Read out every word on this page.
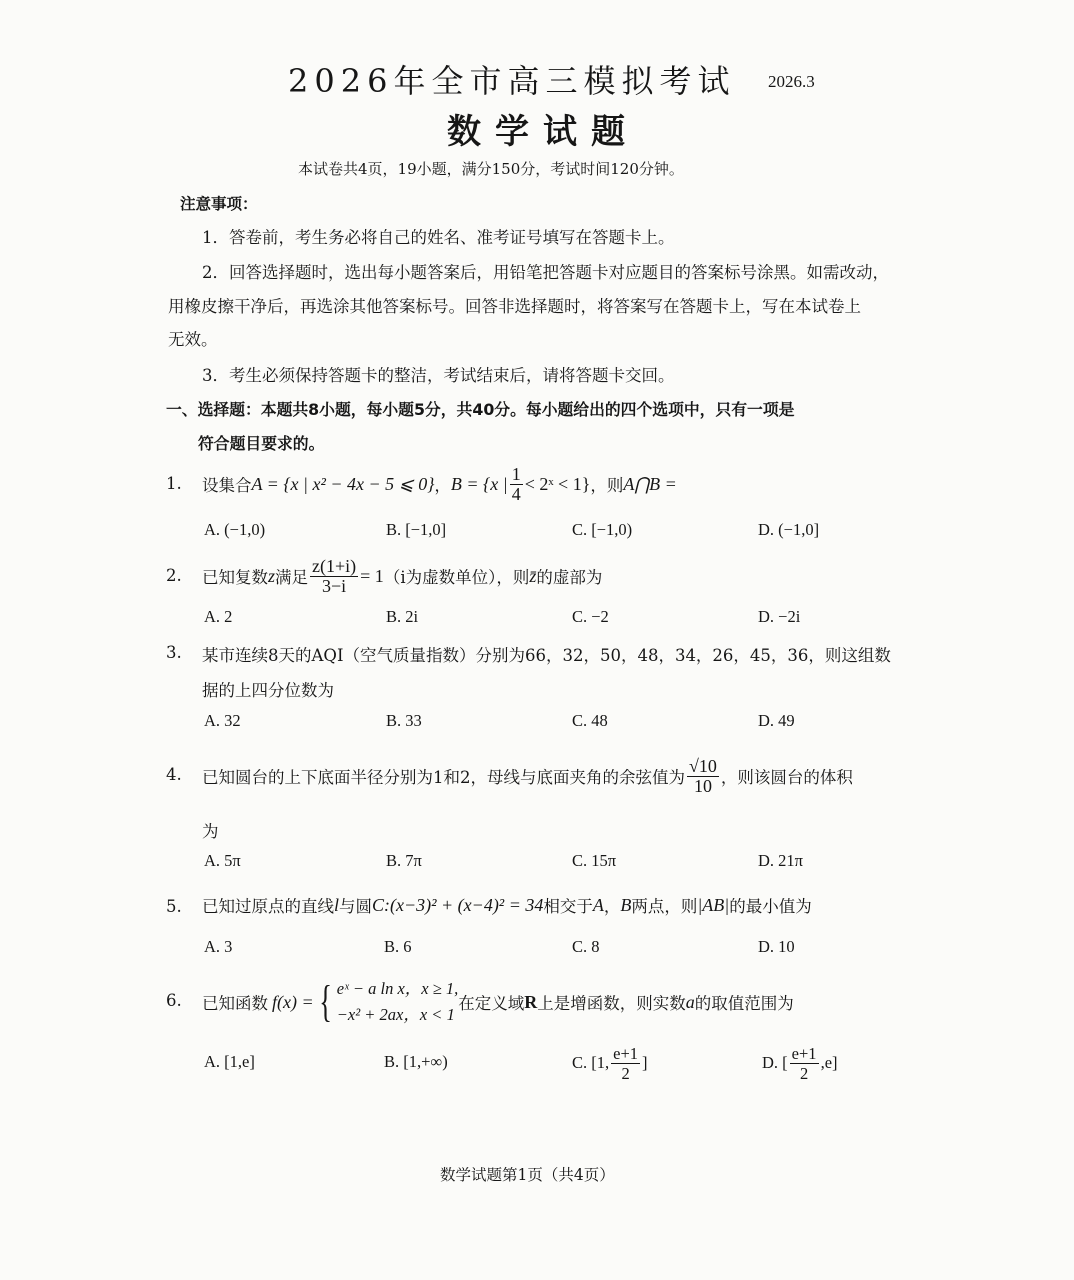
2026年全市高三模拟考试 2026.3
数学试题
本试卷共4页，19小题，满分150分，考试时间120分钟。
注意事项：
1．答卷前，考生务必将自己的姓名、准考证号填写在答题卡上。
2．回答选择题时，选出每小题答案后，用铅笔把答题卡对应题目的答案标号涂黑。如需改动，
用橡皮擦干净后，再选涂其他答案标号。回答非选择题时，将答案写在答题卡上，写在本试卷上
无效。
3．考生必须保持答题卡的整洁，考试结束后，请将答题卡交回。
一、选择题：本题共8小题，每小题5分，共40分。每小题给出的四个选项中，只有一项是
符合题目要求的。
1. 设集合 A = {x | x² − 4x − 5 ⩽ 0} ， B = {x | $\frac{1}{4}$ < 2ˣ < 1} ，则 A⋂B =
A. (−1,0)	B. [−1,0]	C. [−1,0)	D. (−1,0]
2. 已知复数 z 满足 $\frac{z(1+i)}{3-i} = 1$ （i为虚数单位），则 z̄ 的虚部为
A. 2	B. 2i	C. −2	D. −2i
3. 某市连续8天的AQI（空气质量指数）分别为66，32，50，48，34，26，45，36，则这组数
据的上四分位数为
A. 32	B. 33	C. 48	D. 49
4. 已知圆台的上下底面半径分别为1和2，母线与底面夹角的余弦值为 $\frac{√10}{10}$ ，则该圆台的体积
为
A. 5π	B. 7π	C. 15π	D. 21π
5. 已知过原点的直线 l 与圆 C:(x−3)² + (x−4)² = 34 相交于 A ， B 两点，则 |AB| 的最小值为
A. 3	B. 6	C. 8	D. 10
6. 已知函数 f(x) = { eˣ − a ln x，x ≥ 1,
−x² + 2ax，x < 1
在定义域 R 上是增函数，则实数 a 的取值范围为
A. [1,e]	B. [1,+∞)	C. [1, $\frac{e+1}{2}$ ]	D. [ $\frac{e+1}{2} ,e$]
数学试题第1页（共4页）
